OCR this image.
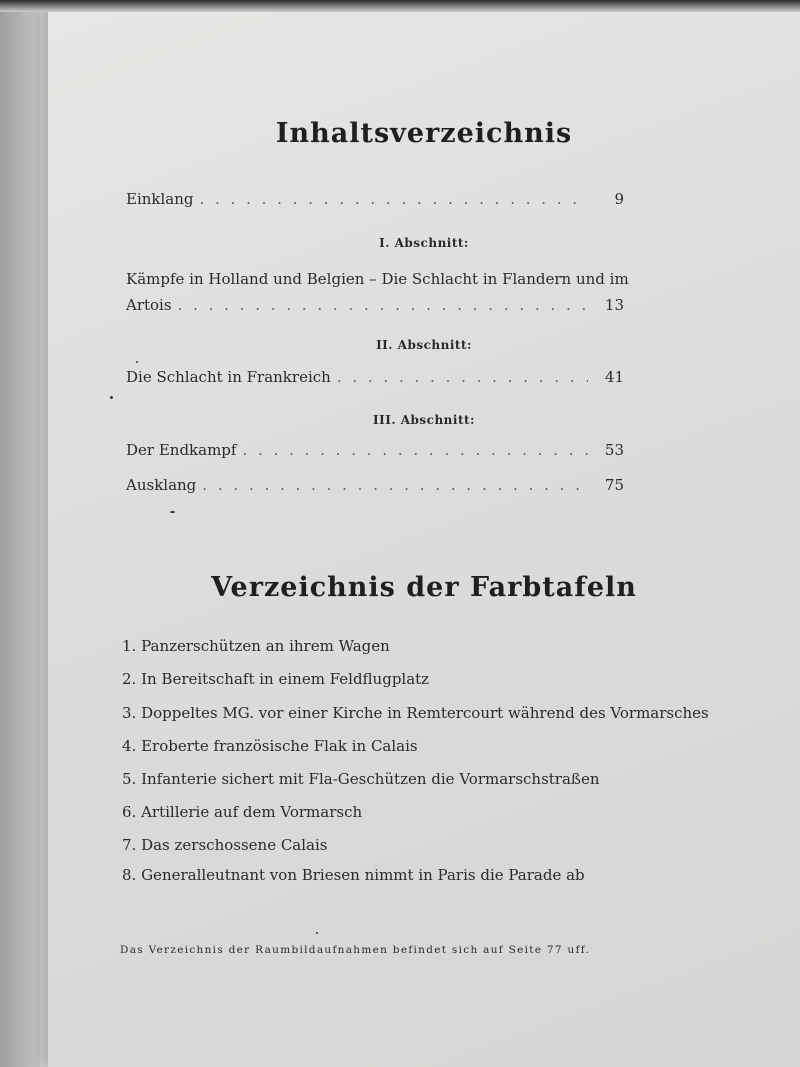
Inhaltsverzeichnis
Einklang . . .	9
I. Abschnitt:
Kämpfe in Holland und Belgien – Die Schlacht in Flandern und im
Artois . . .	13
II. Abschnitt:
Die Schlacht in Frankreich . . .	41
III. Abschnitt:
Der Endkampf . . .	53
Ausklang . . .	75
Verzeichnis der Farbtafeln
1. Panzerschützen an ihrem Wagen
2. In Bereitschaft in einem Feldflugplatz
3. Doppeltes MG. vor einer Kirche in Remtercourt während des Vormarsches
4. Eroberte französische Flak in Calais
5. Infanterie sichert mit Fla-Geschützen die Vormarschstraßen
6. Artillerie auf dem Vormarsch
7. Das zerschossene Calais
8. Generalleutnant von Briesen nimmt in Paris die Parade ab
Das Verzeichnis der Raumbildaufnahmen befindet sich auf Seite 77 uff.
